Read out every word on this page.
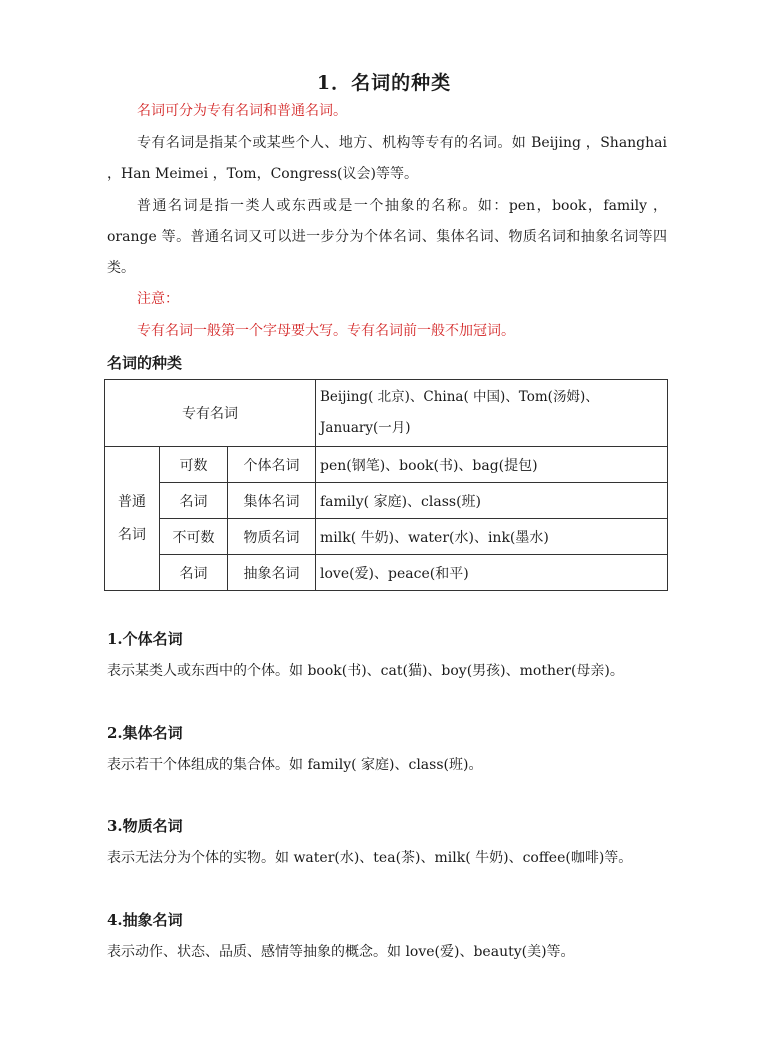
1．名词的种类
名词可分为专有名词和普通名词。
专有名词是指某个或某些个人、地方、机构等专有的名词。如 Beijing ，Shanghai ，Han Meimei ，Tom，Congress(议会)等等。
普通名词是指一类人或东西或是一个抽象的名称。如：pen，book，family ，orange 等。普通名词又可以进一步分为个体名词、集体名词、物质名词和抽象名词等四类。
注意：
专有名词一般第一个字母要大写。专有名词前一般不加冠词。
名词的种类
专有名词			Beijing( 北京)、China( 中国)、Tom(汤姆)、January(一月)
普通名词	可数	个体名词	pen(钢笔)、book(书)、bag(提包)
	名词	集体名词	family( 家庭)、class(班)
	不可数	物质名词	milk( 牛奶)、water(水)、ink(墨水)
	名词	抽象名词	love(爱)、peace(和平)
1.个体名词
表示某类人或东西中的个体。如 book(书)、cat(猫)、boy(男孩)、mother(母亲)。
2.集体名词
表示若干个体组成的集合体。如 family( 家庭)、class(班)。
3.物质名词
表示无法分为个体的实物。如 water(水)、tea(茶)、milk( 牛奶)、coffee(咖啡)等。
4.抽象名词
表示动作、状态、品质、感情等抽象的概念。如 love(爱)、beauty(美)等。
